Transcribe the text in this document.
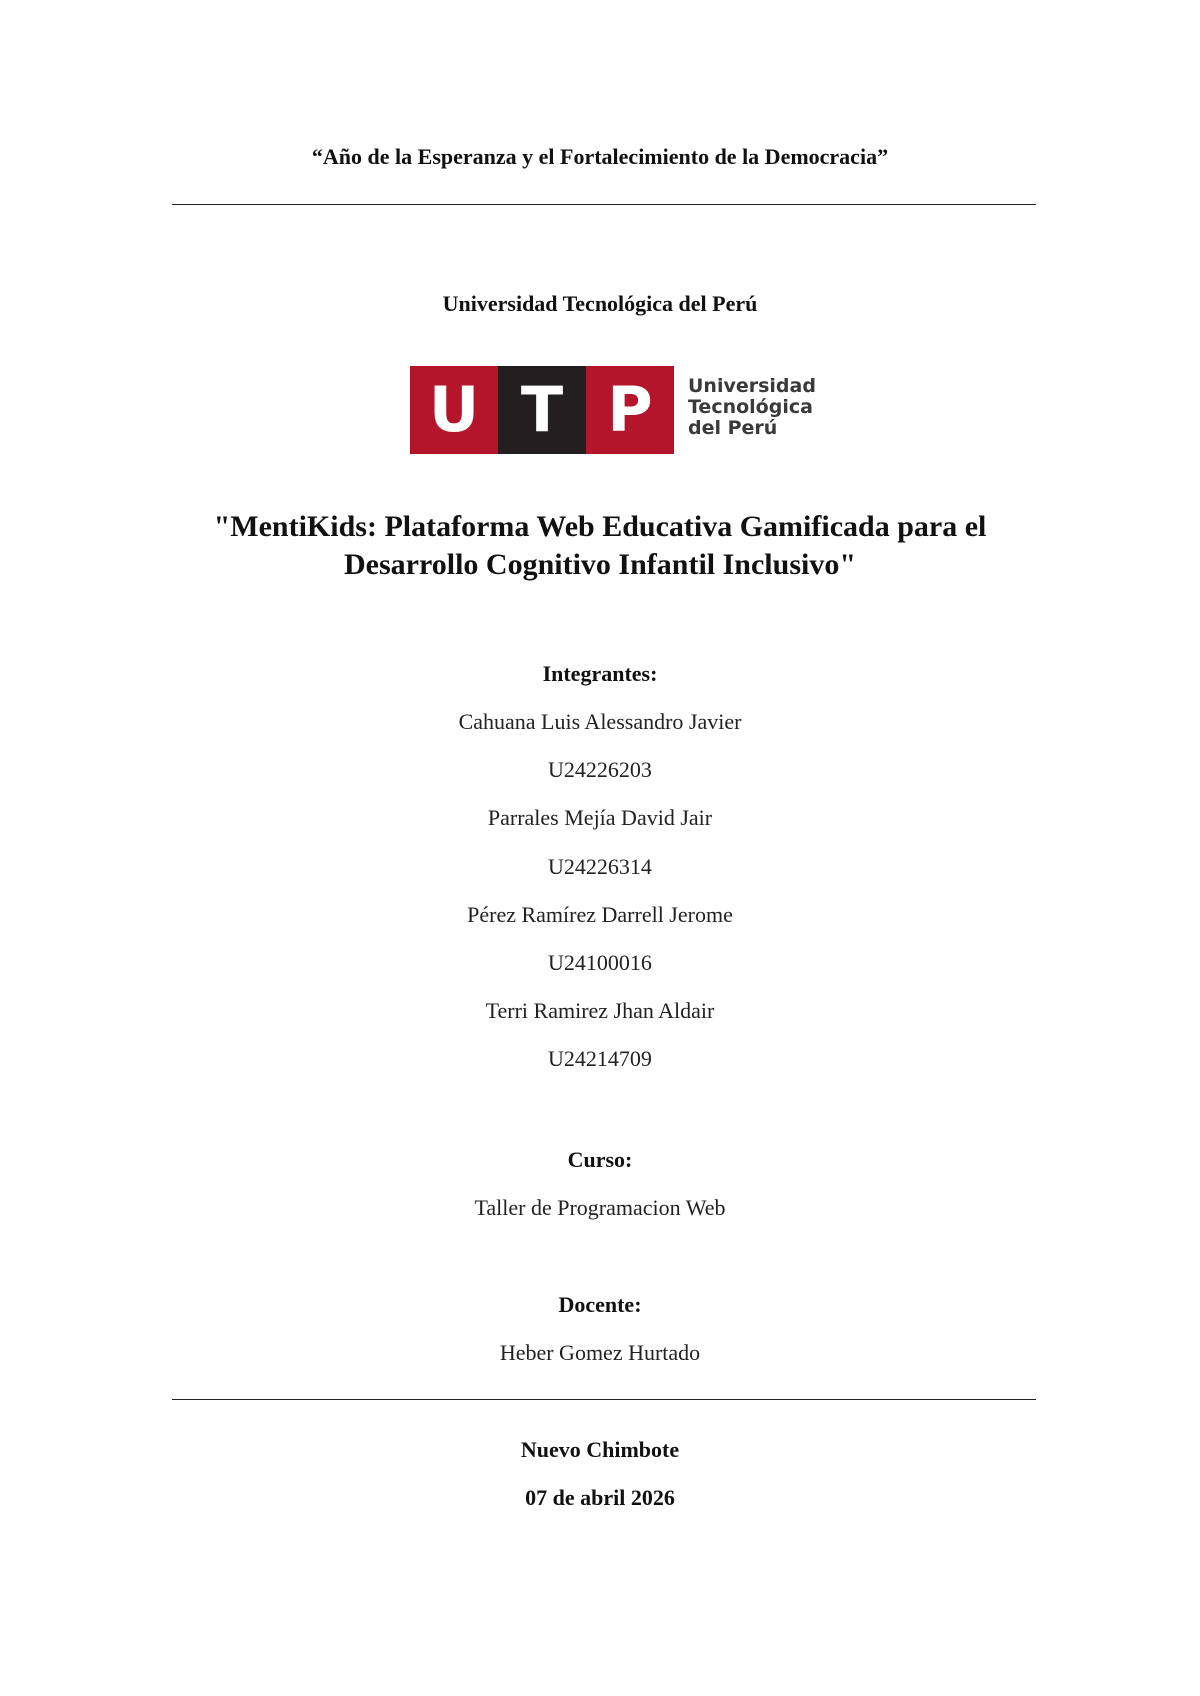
“Año de la Esperanza y el Fortalecimiento de la Democracia”
Universidad Tecnológica del Perú
U T P	Universidad
Tecnológica
del Perú
"MentiKids: Plataforma Web Educativa Gamificada para el
Desarrollo Cognitivo Infantil Inclusivo"
Integrantes:
Cahuana Luis Alessandro Javier
U24226203
Parrales Mejía David Jair
U24226314
Pérez Ramírez Darrell Jerome
U24100016
Terri Ramirez Jhan Aldair
U24214709
Curso:
Taller de Programacion Web
Docente:
Heber Gomez Hurtado
Nuevo Chimbote
07 de abril 2026
